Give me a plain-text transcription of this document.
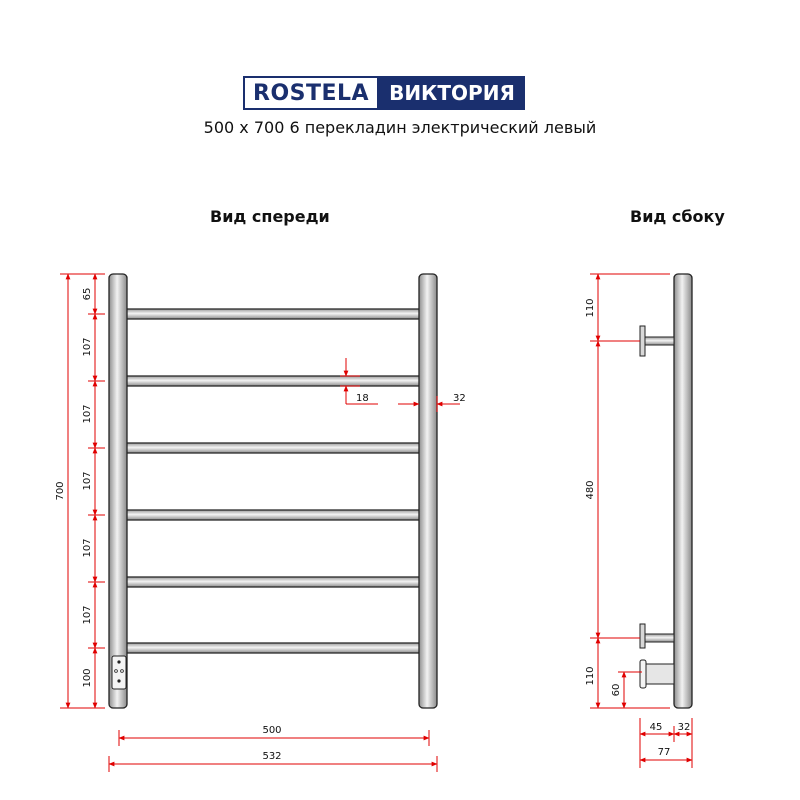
ROSTELA	ВИКТОРИЯ
500 x 700 6 перекладин электрический левый
Вид спереди	Вид сбоку
700
65
107
107
107
107
107
100
18	32
500
532
110
480
110
60
45 32
77
